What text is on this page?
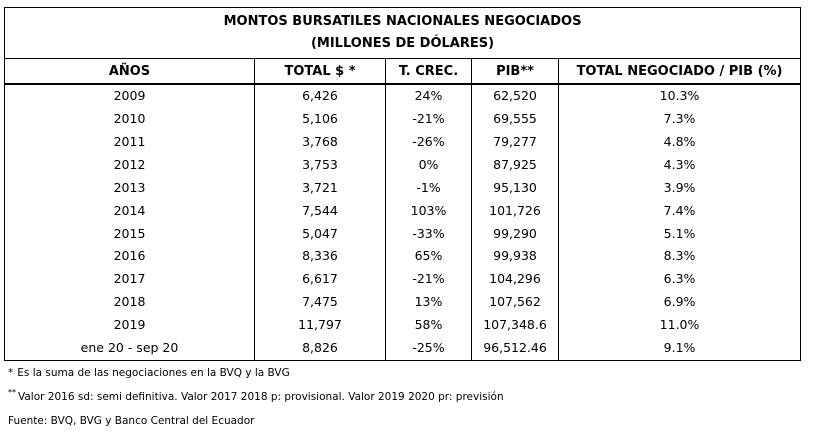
MONTOS BURSATILES NACIONALES NEGOCIADOS
(MILLONES DE DÓLARES)				

AÑOS	TOTAL $ *	T. CREC.	PIB**	TOTAL NEGOCIADO / PIB (%)
2009	6,426	24%	62,520	10.3%
2010	5,106	-21%	69,555	7.3%
2011	3,768	-26%	79,277	4.8%
2012	3,753	0%	87,925	4.3%
2013	3,721	-1%	95,130	3.9%
2014	7,544	103%	101,726	7.4%
2015	5,047	-33%	99,290	5.1%
2016	8,336	65%	99,938	8.3%
2017	6,617	-21%	104,296	6.3%
2018	7,475	13%	107,562	6.9%
2019	11,797	58%	107,348.6	11.0%
ene 20 - sep 20	8,826	-25%	96,512.46	9.1%
* Es la suma de las negociaciones en la BVQ y la BVG
** Valor 2016 sd: semi definitiva. Valor 2017 2018 p: provisional. Valor 2019 2020 pr: previsión
Fuente: BVQ, BVG y Banco Central del Ecuador
